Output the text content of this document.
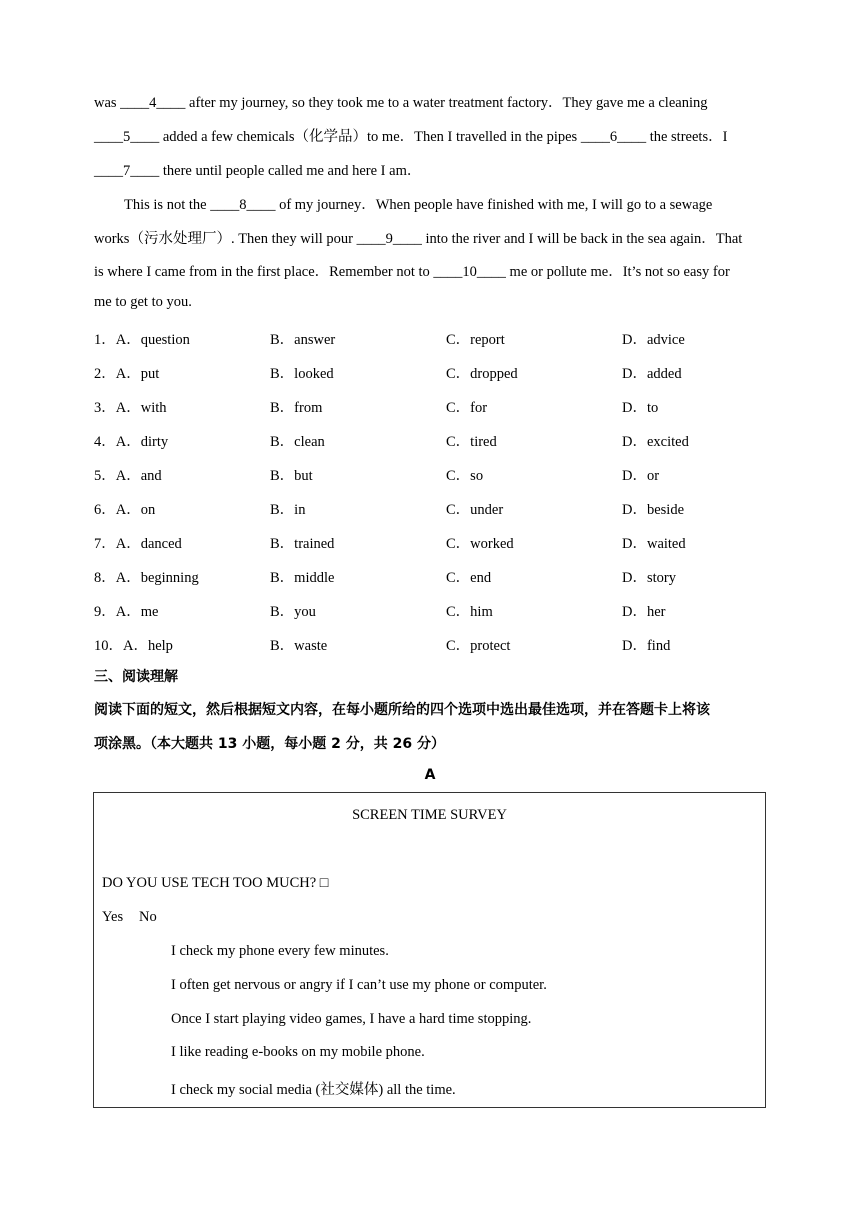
was ____4____ after my journey, so they took me to a water treatment factory．They gave me a cleaning
____5____ added a few chemicals（化学品）to me．Then I travelled in the pipes ____6____ the streets．I
____7____ there until people called me and here I am．
This is not the ____8____ of my journey．When people have finished with me, I will go to a sewage
works（污水处理厂）. Then they will pour ____9____ into the river and I will be back in the sea again．That
is where I came from in the first place．Remember not to ____10____ me or pollute me．It’s not so easy for
me to get to you.
1．A．question	B．answer	C．report	D．advice
2．A．put	B．looked	C．dropped	D．added
3．A．with	B．from	C．for	D．to
4．A．dirty	B．clean	C．tired	D．excited
5．A．and	B．but	C．so	D．or
6．A．on	B．in	C．under	D．beside
7．A．danced	B．trained	C．worked	D．waited
8．A．beginning	B．middle	C．end	D．story
9．A．me	B．you	C．him	D．her
10．A．help	B．waste	C．protect	D．find
三、阅读理解
阅读下面的短文，然后根据短文内容，在每小题所给的四个选项中选出最佳选项，并在答题卡上将该
项涂黑。（本大题共 13 小题，每小题 2 分，共 26 分）
A
SCREEN TIME SURVEY
DO YOU USE TECH TOO MUCH? □
Yes No
I check my phone every few minutes.
I often get nervous or angry if I can’t use my phone or computer.
Once I start playing video games, I have a hard time stopping.
I like reading e-books on my mobile phone.
I check my social media (社交媒体) all the time.
